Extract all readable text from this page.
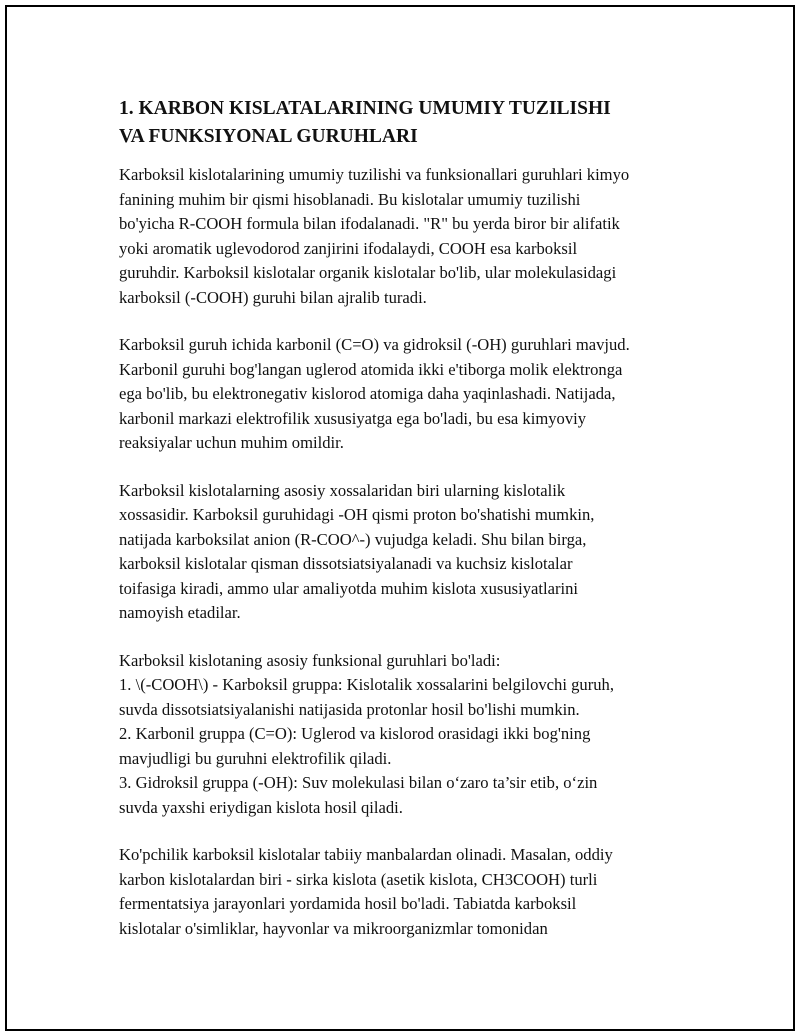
1. KARBON KISLATALARINING UMUMIY TUZILISHI
VA FUNKSIYONAL GURUHLARI

Karboksil kislotalarining umumiy tuzilishi va funksionallari guruhlari kimyo
fanining muhim bir qismi hisoblanadi. Bu kislotalar umumiy tuzilishi
bo'yicha R-COOH formula bilan ifodalanadi. "R" bu yerda biror bir alifatik
yoki aromatik uglevodorod zanjirini ifodalaydi, COOH esa karboksil
guruhdir. Karboksil kislotalar organik kislotalar bo'lib, ular molekulasidagi
karboksil (-COOH) guruhi bilan ajralib turadi.

Karboksil guruh ichida karbonil (C=O) va gidroksil (-OH) guruhlari mavjud.
Karbonil guruhi bog'langan uglerod atomida ikki e'tiborga molik elektronga
ega bo'lib, bu elektronegativ kislorod atomiga daha yaqinlashadi. Natijada,
karbonil markazi elektrofilik xususiyatga ega bo'ladi, bu esa kimyoviy
reaksiyalar uchun muhim omildir.

Karboksil kislotalarning asosiy xossalaridan biri ularning kislotalik
xossasidir. Karboksil guruhidagi -OH qismi proton bo'shatishi mumkin,
natijada karboksilat anion (R-COO^-) vujudga keladi. Shu bilan birga,
karboksil kislotalar qisman dissotsiatsiyalanadi va kuchsiz kislotalar
toifasiga kiradi, ammo ular amaliyotda muhim kislota xususiyatlarini
namoyish etadilar.

Karboksil kislotaning asosiy funksional guruhlari bo'ladi:
1. \(-COOH\) - Karboksil gruppa: Kislotalik xossalarini belgilovchi guruh,
suvda dissotsiatsiyalanishi natijasida protonlar hosil bo'lishi mumkin.
2. Karbonil gruppa (C=O): Uglerod va kislorod orasidagi ikki bog'ning
mavjudligi bu guruhni elektrofilik qiladi.
3. Gidroksil gruppa (-OH): Suv molekulasi bilan o‘zaro ta’sir etib, o‘zin
suvda yaxshi eriydigan kislota hosil qiladi.

Ko'pchilik karboksil kislotalar tabiiy manbalardan olinadi. Masalan, oddiy
karbon kislotalardan biri - sirka kislota (asetik kislota, CH3COOH) turli
fermentatsiya jarayonlari yordamida hosil bo'ladi. Tabiatda karboksil
kislotalar o'simliklar, hayvonlar va mikroorganizmlar tomonidan
